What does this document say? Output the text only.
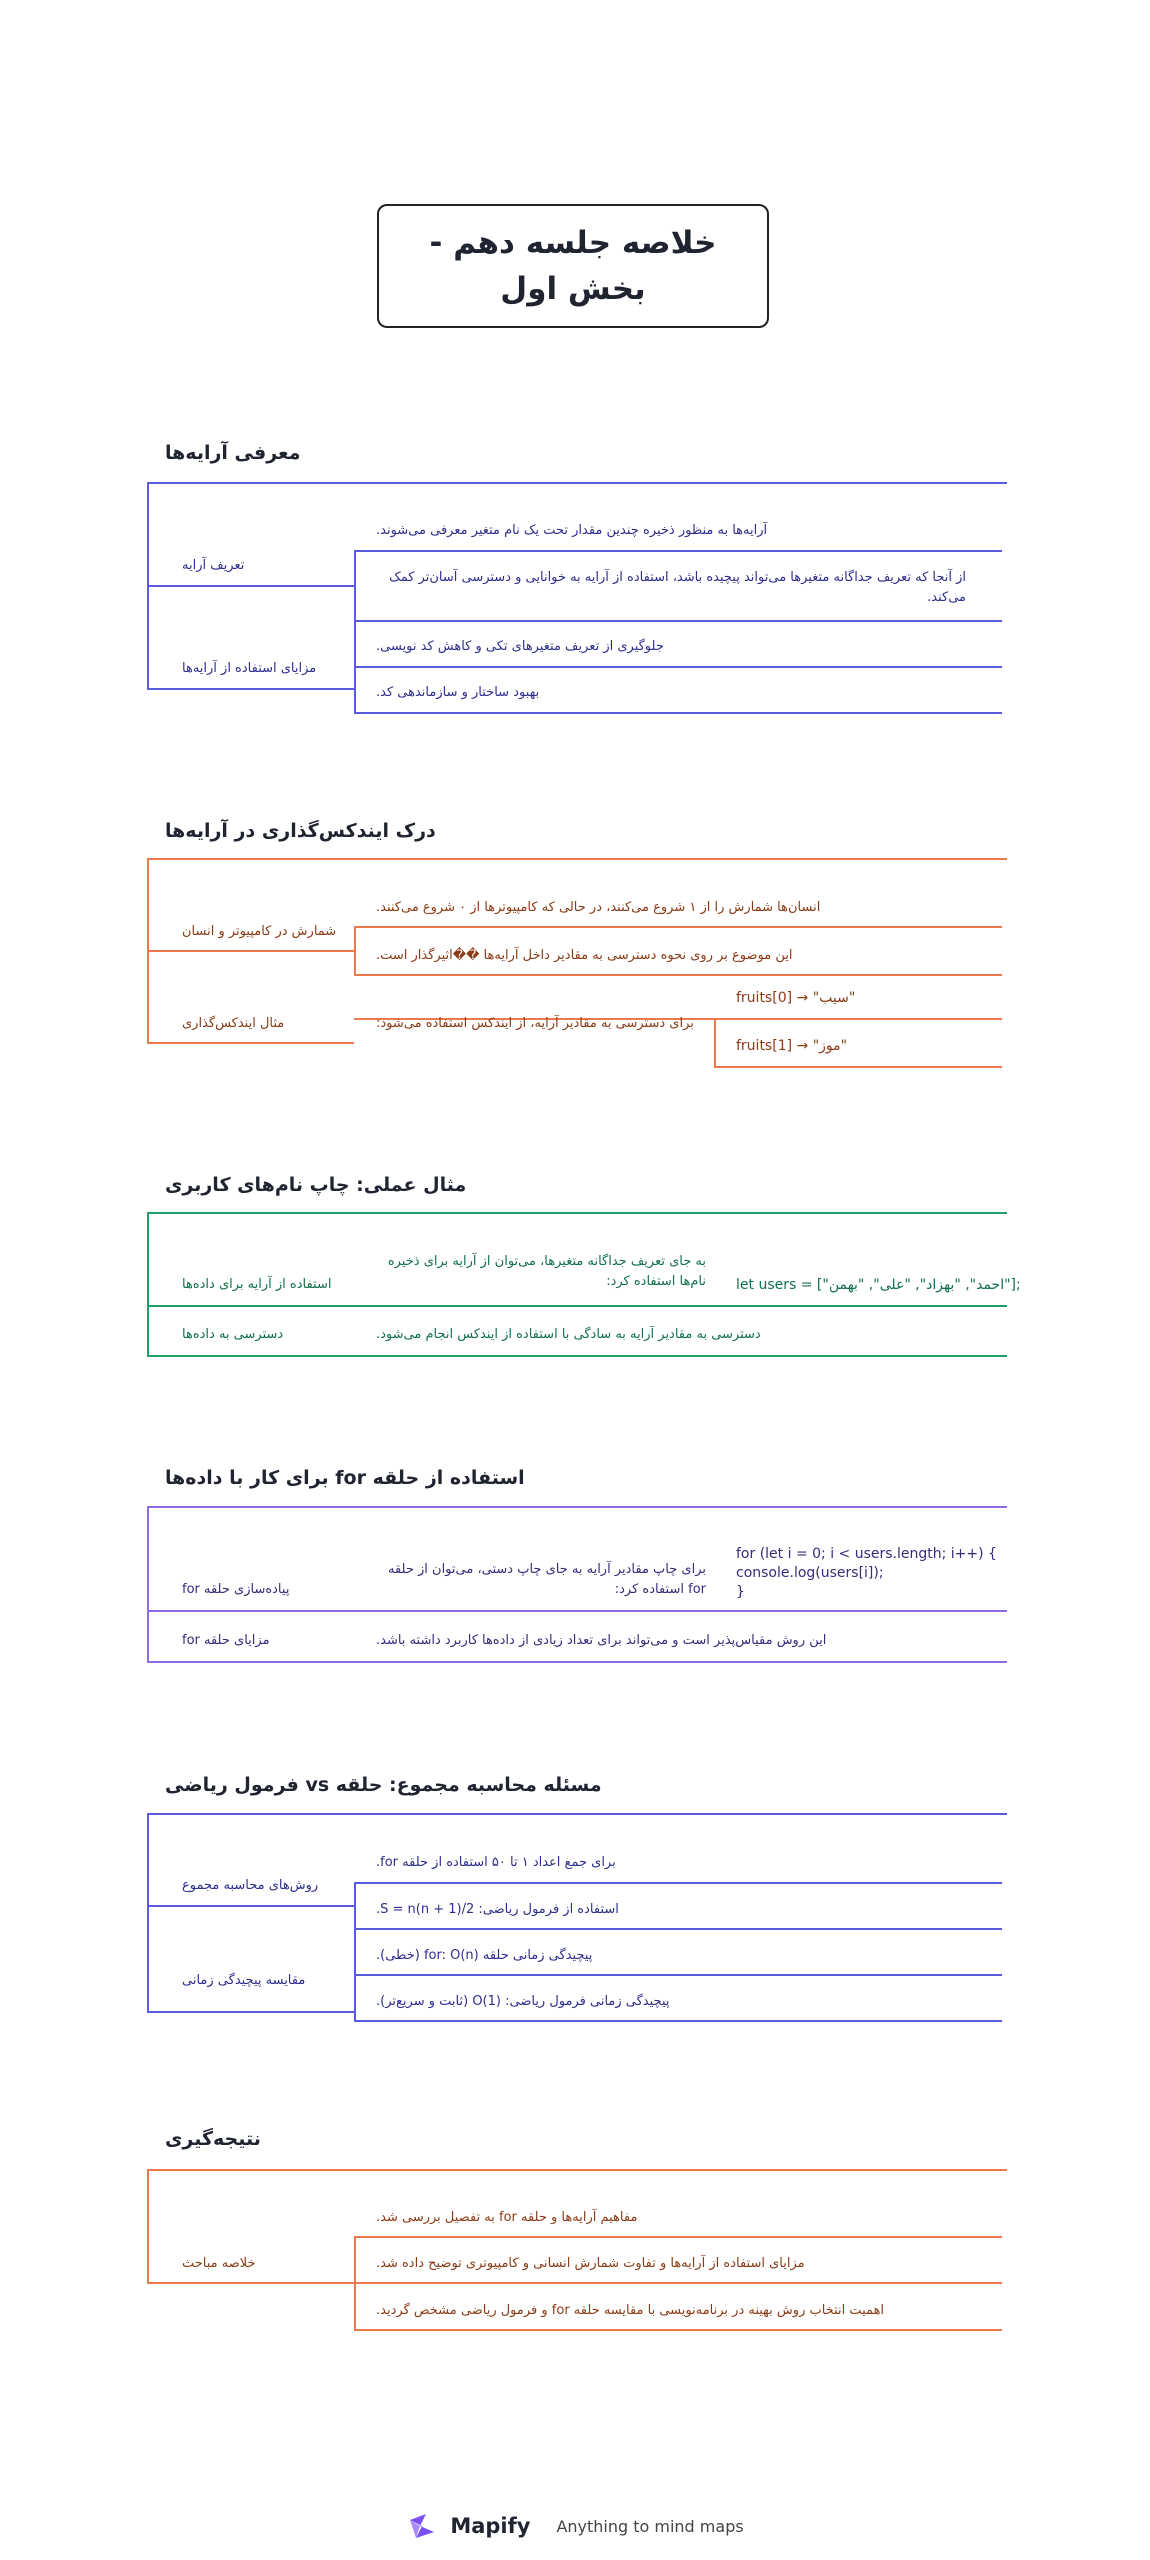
خلاصه جلسه دهم - بخش اول
معرفی آرایه‌ها
تعریف آرایه
آرایه‌ها به منظور ذخیره چندین مقدار تحت یک نام متغیر معرفی می‌شوند.
از آنجا که تعریف جداگانه متغیرها می‌تواند پیچیده باشد، استفاده از آرایه به خوانایی و دسترسی آسان‌تر کمک می‌کند.
مزایای استفاده از آرایه‌ها
جلوگیری از تعریف متغیرهای تکی و کاهش کد نویسی.
بهبود ساختار و سازماندهی کد.
درک ایندکس‌گذاری در آرایه‌ها
شمارش در کامپیوتر و انسان
انسان‌ها شمارش را از ۱ شروع می‌کنند، در حالی که کامپیوترها از ۰ شروع می‌کنند.
این موضوع بر روی نحوه دسترسی به مقادیر داخل آرایه‌ها ��اثیرگذار است.
مثال ایندکس‌گذاری	برای دسترسی به مقادیر آرایه، از ایندکس استفاده می‌شود:
fruits[0] → "سیب"
fruits[1] → "موز"
مثال عملی: چاپ نام‌های کاربری
استفاده از آرایه برای داده‌ها
به جای تعریف جداگانه متغیرها، می‌توان از آرایه برای ذخیره نام‌ها استفاده کرد: let users = ["احمد", "بهزاد", "علی", "بهمن"];
دسترسی به داده‌ها	دسترسی به مقادیر آرایه به سادگی با استفاده از ایندکس انجام می‌شود.
استفاده از حلقه for برای کار با داده‌ها
پیاده‌سازی حلقه for
برای چاپ مقادیر آرایه به جای چاپ دستی، می‌توان از حلقه for استفاده کرد:
for (let i = 0; i < users.length; i++) {
console.log(users[i]);
}
مزایای حلقه for	این روش مقیاس‌پذیر است و می‌تواند برای تعداد زیادی از داده‌ها کاربرد داشته باشد.
مسئله محاسبه مجموع: حلقه vs فرمول ریاضی
روش‌های محاسبه مجموع
برای جمع اعداد ۱ تا ۵۰ استفاده از حلقه for.
استفاده از فرمول ریاضی: S = n(n + 1)/2.
مقایسه پیچیدگی زمانی
پیچیدگی زمانی حلقه for: O(n) (خطی).
پیچیدگی زمانی فرمول ریاضی: O(1) (ثابت و سریع‌تر).
نتیجه‌گیری
خلاصه مباحث
مفاهیم آرایه‌ها و حلقه for به تفصیل بررسی شد.
مزایای استفاده از آرایه‌ها و تفاوت شمارش انسانی و کامپیوتری توضیح داده شد.
اهمیت انتخاب روش بهینه در برنامه‌نویسی با مقایسه حلقه for و فرمول ریاضی مشخص گردید.
Mapify Anything to mind maps
